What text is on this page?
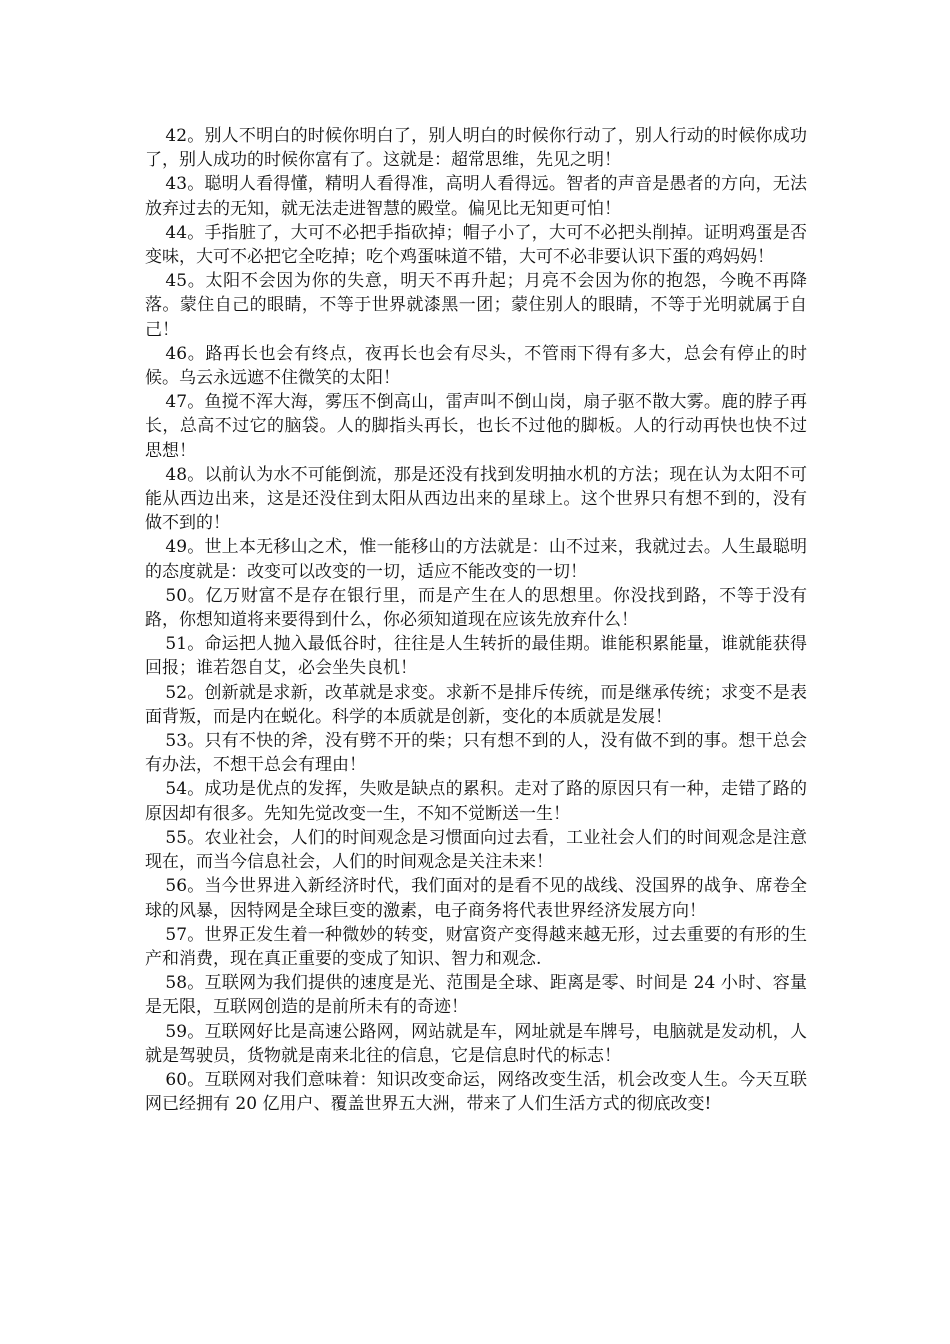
42。别人不明白的时候你明白了，别人明白的时候你行动了，别人行动的时候你成功了，别人成功的时候你富有了。这就是：超常思维，先见之明！

43。聪明人看得懂，精明人看得准，高明人看得远。智者的声音是愚者的方向，无法放弃过去的无知，就无法走进智慧的殿堂。偏见比无知更可怕！

44。手指脏了，大可不必把手指砍掉；帽子小了，大可不必把头削掉。证明鸡蛋是否变味，大可不必把它全吃掉；吃个鸡蛋味道不错，大可不必非要认识下蛋的鸡妈妈！

45。太阳不会因为你的失意，明天不再升起；月亮不会因为你的抱怨，今晚不再降落。蒙住自己的眼睛，不等于世界就漆黑一团；蒙住别人的眼睛，不等于光明就属于自己！

46。路再长也会有终点，夜再长也会有尽头，不管雨下得有多大，总会有停止的时候。乌云永远遮不住微笑的太阳！

47。鱼搅不浑大海，雾压不倒高山，雷声叫不倒山岗，扇子驱不散大雾。鹿的脖子再长，总高不过它的脑袋。人的脚指头再长，也长不过他的脚板。人的行动再快也快不过思想！

48。以前认为水不可能倒流，那是还没有找到发明抽水机的方法；现在认为太阳不可能从西边出来，这是还没住到太阳从西边出来的星球上。这个世界只有想不到的，没有做不到的！

49。世上本无移山之术，惟一能移山的方法就是：山不过来，我就过去。人生最聪明的态度就是：改变可以改变的一切，适应不能改变的一切！

50。亿万财富不是存在银行里，而是产生在人的思想里。你没找到路，不等于没有路，你想知道将来要得到什么，你必须知道现在应该先放弃什么！

51。命运把人抛入最低谷时，往往是人生转折的最佳期。谁能积累能量，谁就能获得回报；谁若怨自艾，必会坐失良机！

52。创新就是求新，改革就是求变。求新不是排斥传统，而是继承传统；求变不是表面背叛，而是内在蜕化。科学的本质就是创新，变化的本质就是发展！

53。只有不快的斧，没有劈不开的柴；只有想不到的人，没有做不到的事。想干总会有办法，不想干总会有理由！

54。成功是优点的发挥，失败是缺点的累积。走对了路的原因只有一种，走错了路的原因却有很多。先知先觉改变一生，不知不觉断送一生！

55。农业社会，人们的时间观念是习惯面向过去看，工业社会人们的时间观念是注意现在，而当今信息社会，人们的时间观念是关注未来！

56。当今世界进入新经济时代，我们面对的是看不见的战线、没国界的战争、席卷全球的风暴，因特网是全球巨变的激素，电子商务将代表世界经济发展方向！

57。世界正发生着一种微妙的转变，财富资产变得越来越无形，过去重要的有形的生产和消费，现在真正重要的变成了知识、智力和观念.

58。互联网为我们提供的速度是光、范围是全球、距离是零、时间是 24 小时、容量是无限，互联网创造的是前所未有的奇迹！

59。互联网好比是高速公路网，网站就是车，网址就是车牌号，电脑就是发动机，人就是驾驶员，货物就是南来北往的信息，它是信息时代的标志！

60。互联网对我们意味着：知识改变命运，网络改变生活，机会改变人生。今天互联网已经拥有 20 亿用户、覆盖世界五大洲，带来了人们生活方式的彻底改变!
